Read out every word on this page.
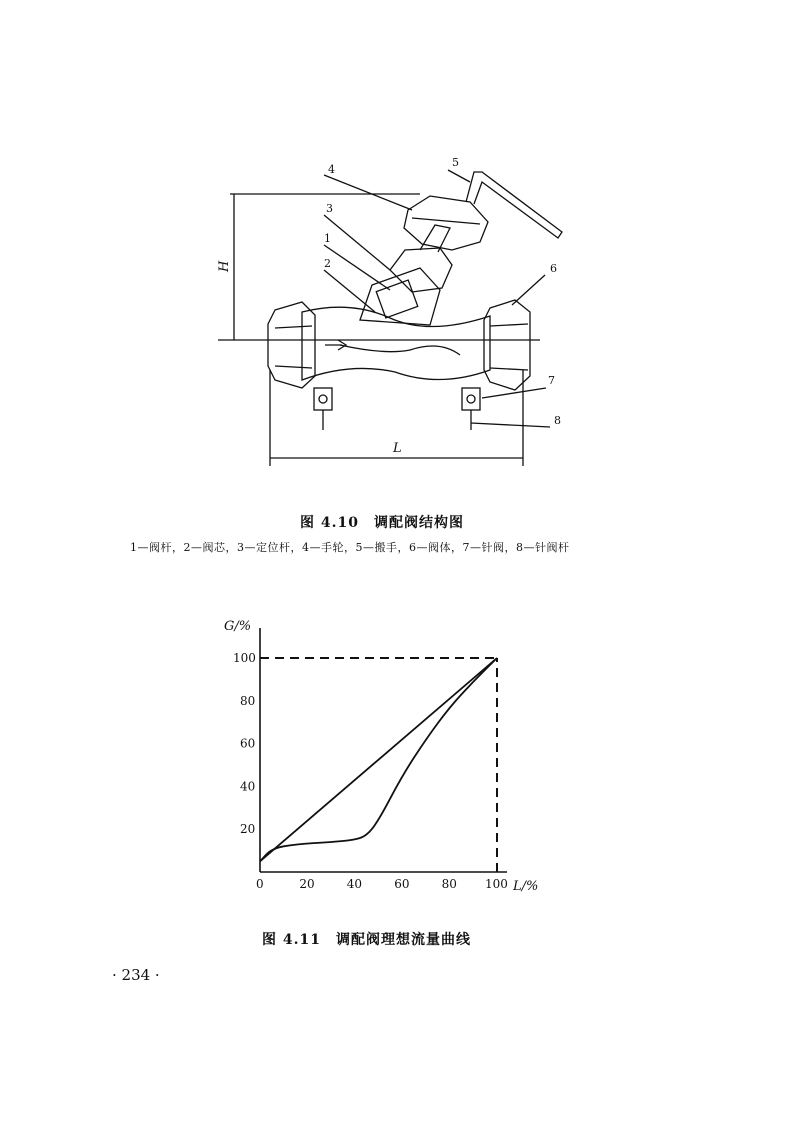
H
L
4
5
3
1
2	6
7
8
图 4.10　调配阀结构图
1—阀杆，2—阀芯，3—定位杆，4—手轮，5—搬手，6—阀体，7—针阀，8—针阀杆
G/%
L/%
0	20	40	60	80 100
20
40
60
80
100
图 4.11　调配阀理想流量曲线
· 234 ·
